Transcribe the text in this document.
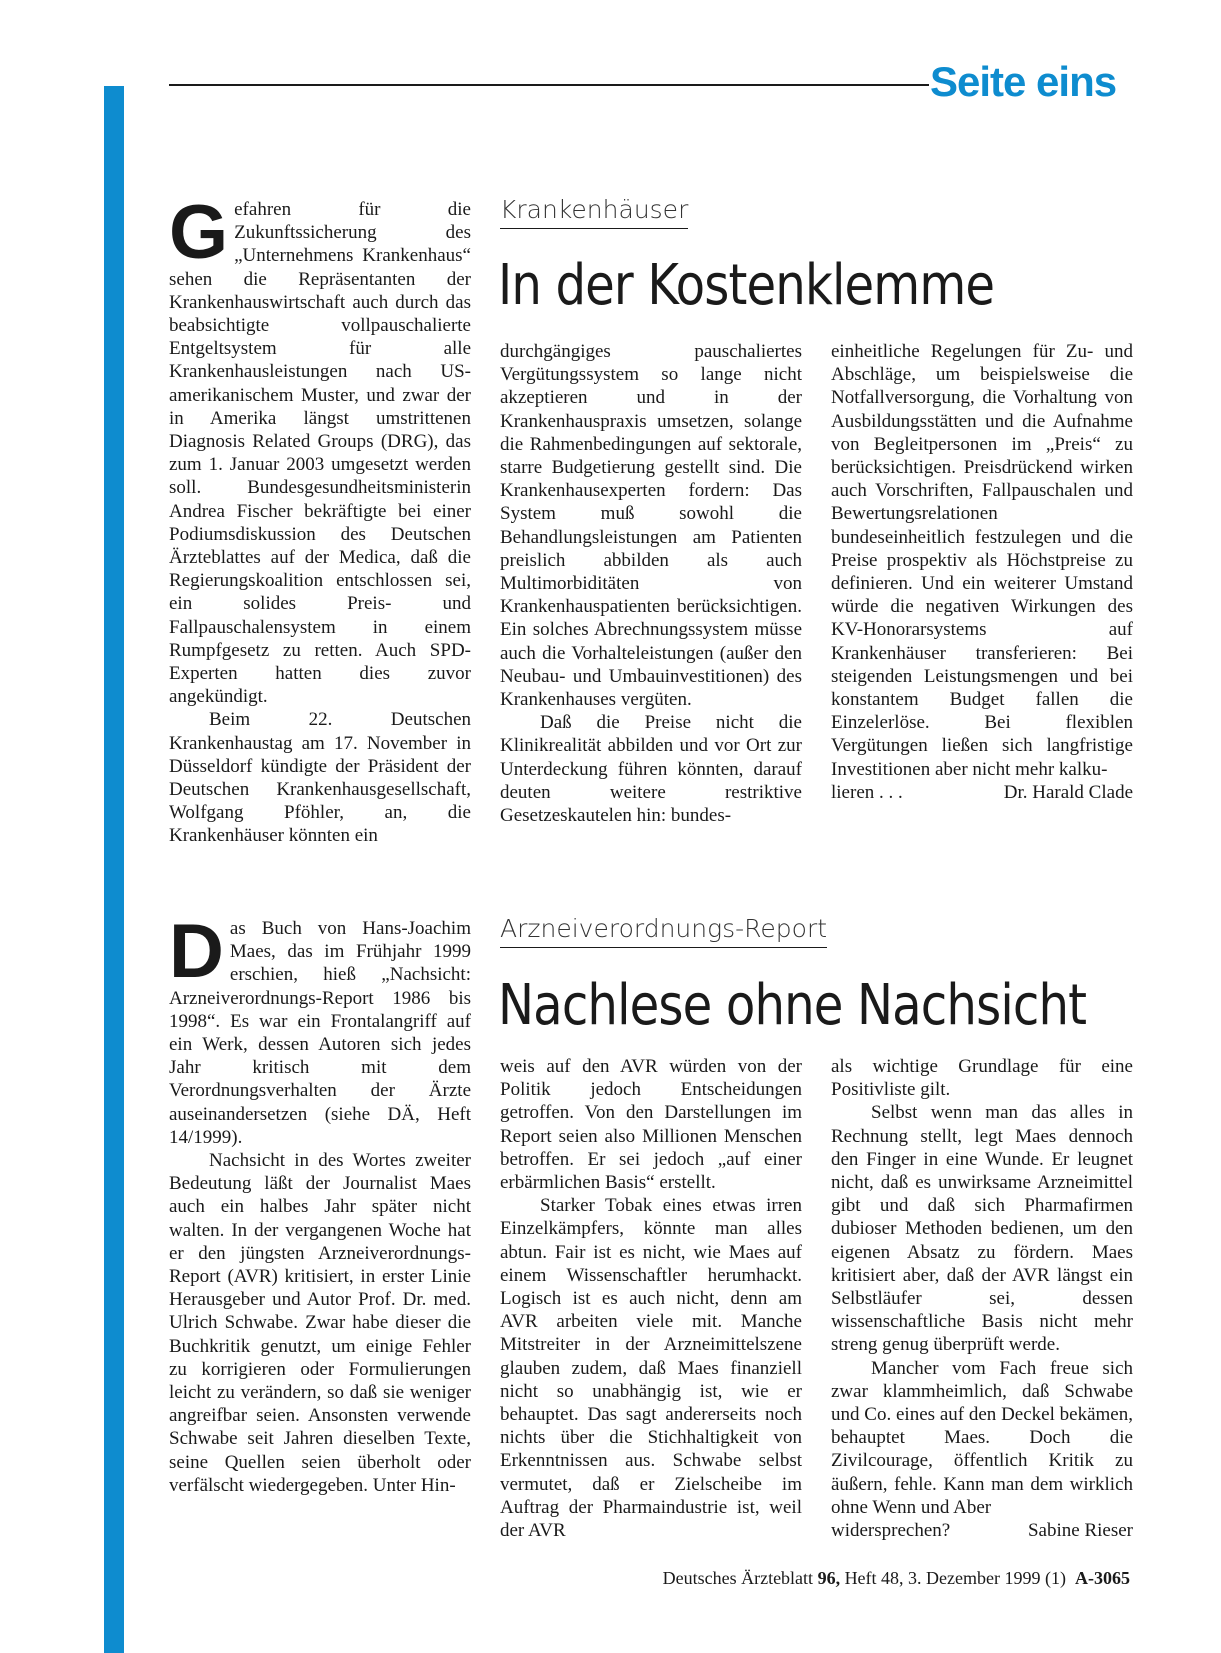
Seite eins

Gefahren für die Zukunftssicherung des „Unternehmens Krankenhaus“ sehen die Repräsentanten der Krankenhauswirtschaft auch durch das beabsichtigte vollpauschalierte Entgeltsystem für alle Krankenhausleistungen nach US-amerikanischem Muster, und zwar der in Amerika längst umstrittenen Diagnosis Related Groups (DRG), das zum 1. Januar 2003 umgesetzt werden soll. Bundesgesundheitsministerin Andrea Fischer bekräftigte bei einer Podiumsdiskussion des Deutschen Ärzteblattes auf der Medica, daß die Regierungskoalition entschlossen sei, ein solides Preis- und Fallpauschalensystem in einem Rumpfgesetz zu retten. Auch SPD-Experten hatten dies zuvor angekündigt.

Beim 22. Deutschen Krankenhaustag am 17. November in Düsseldorf kündigte der Präsident der Deutschen Krankenhausgesellschaft, Wolfgang Pföhler, an, die Krankenhäuser könnten ein

Krankenhäuser
In der Kostenklemme

durchgängiges pauschaliertes Vergütungssystem so lange nicht akzeptieren und in der Krankenhauspraxis umsetzen, solange die Rahmenbedingungen auf sektorale, starre Budgetierung gestellt sind. Die Krankenhausexperten fordern: Das System muß sowohl die Behandlungsleistungen am Patienten preislich abbilden als auch Multimorbiditäten von Krankenhauspatienten berücksichtigen. Ein solches Abrechnungssystem müsse auch die Vorhalteleistungen (außer den Neubau- und Umbauinvestitionen) des Krankenhauses vergüten.

Daß die Preise nicht die Klinikrealität abbilden und vor Ort zur Unterdeckung führen könnten, darauf deuten weitere restriktive Gesetzeskautelen hin: bundes-

einheitliche Regelungen für Zu- und Abschläge, um beispielsweise die Notfallversorgung, die Vorhaltung von Ausbildungsstätten und die Aufnahme von Begleitpersonen im „Preis“ zu berücksichtigen. Preisdrückend wirken auch Vorschriften, Fallpauschalen und Bewertungsrelationen bundeseinheitlich festzulegen und die Preise prospektiv als Höchstpreise zu definieren. Und ein weiterer Umstand würde die negativen Wirkungen des KV-Honorarsystems auf Krankenhäuser transferieren: Bei steigenden Leistungsmengen und bei konstantem Budget fallen die Einzelerlöse. Bei flexiblen Vergütungen ließen sich langfristige Investitionen aber nicht mehr kalku-

lieren . . .	Dr. Harald Clade

Das Buch von Hans-Joachim Maes, das im Frühjahr 1999 erschien, hieß „Nachsicht: Arzneiverordnungs-Report 1986 bis 1998“. Es war ein Frontalangriff auf ein Werk, dessen Autoren sich jedes Jahr kritisch mit dem Verordnungsverhalten der Ärzte auseinandersetzen (siehe DÄ, Heft 14/1999).

Nachsicht in des Wortes zweiter Bedeutung läßt der Journalist Maes auch ein halbes Jahr später nicht walten. In der vergangenen Woche hat er den jüngsten Arzneiverordnungs-Report (AVR) kritisiert, in erster Linie Herausgeber und Autor Prof. Dr. med. Ulrich Schwabe. Zwar habe dieser die Buchkritik genutzt, um einige Fehler zu korrigieren oder Formulierungen leicht zu verändern, so daß sie weniger angreifbar seien. Ansonsten verwende Schwabe seit Jahren dieselben Texte, seine Quellen seien überholt oder verfälscht wiedergegeben. Unter Hin-

Arzneiverordnungs-Report
Nachlese ohne Nachsicht

weis auf den AVR würden von der Politik jedoch Entscheidungen getroffen. Von den Darstellungen im Report seien also Millionen Menschen betroffen. Er sei jedoch „auf einer erbärmlichen Basis“ erstellt.

Starker Tobak eines etwas irren Einzelkämpfers, könnte man alles abtun. Fair ist es nicht, wie Maes auf einem Wissenschaftler herumhackt. Logisch ist es auch nicht, denn am AVR arbeiten viele mit. Manche Mitstreiter in der Arzneimittelszene glauben zudem, daß Maes finanziell nicht so unabhängig ist, wie er behauptet. Das sagt andererseits noch nichts über die Stichhaltigkeit von Erkenntnissen aus. Schwabe selbst vermutet, daß er Zielscheibe im Auftrag der Pharmaindustrie ist, weil der AVR

als wichtige Grundlage für eine Positivliste gilt.

Selbst wenn man das alles in Rechnung stellt, legt Maes dennoch den Finger in eine Wunde. Er leugnet nicht, daß es unwirksame Arzneimittel gibt und daß sich Pharmafirmen dubioser Methoden bedienen, um den eigenen Absatz zu fördern. Maes kritisiert aber, daß der AVR längst ein Selbstläufer sei, dessen wissenschaftliche Basis nicht mehr streng genug überprüft werde.

Mancher vom Fach freue sich zwar klammheimlich, daß Schwabe und Co. eines auf den Deckel bekämen, behauptet Maes. Doch die Zivilcourage, öffentlich Kritik zu äußern, fehle. Kann man dem wirklich ohne Wenn und Aber

widersprechen?	Sabine Rieser
Deutsches Ärzteblatt 96, Heft 48, 3. Dezember 1999 (1) A-3065
